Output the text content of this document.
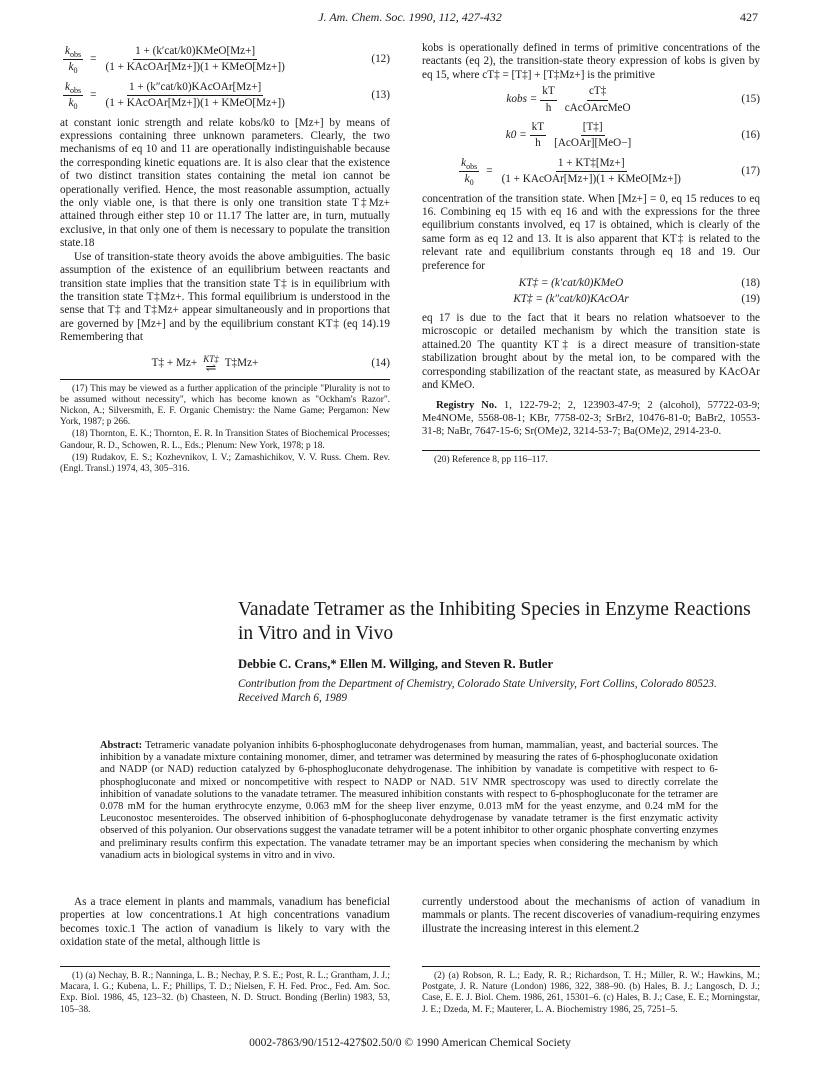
J. Am. Chem. Soc. 1990, 112, 427-432	427
$\frac{k_{obs}}{k_0} = \frac{\text{1 + (k′cat/k0)KMeO[Mz+]}}{\text{(1 + KAcOAr[Mz+])(1 + KMeO[Mz+])}}$	(12)
$\frac{k_{obs}}{k_0} = \frac{\text{1 + (k″cat/k0)KAcOAr[Mz+]}}{\text{(1 + KAcOAr[Mz+])(1 + KMeO[Mz+])}}$	(13)

at constant ionic strength and relate kobs/k0 to [Mz+] by means of expressions containing three unknown parameters. Clearly, the two mechanisms of eq 10 and 11 are operationally indistinguishable because the corresponding kinetic equations are. It is also clear that the existence of two distinct transition states containing the metal ion cannot be operationally verified. Hence, the most reasonable assumption, actually the only viable one, is that there is only one transition state T‡Mz+ attained through either step 10 or 11.17 The latter are, in turn, mutually exclusive, in that only one of them is necessary to populate the transition state.18

Use of transition-state theory avoids the above ambiguities. The basic assumption of the existence of an equilibrium between reactants and transition state implies that the transition state T‡ is in equilibrium with the transition state T‡Mz+. This formal equilibrium is understood in the sense that T‡ and T‡Mz+ appear simultaneously and in proportions that are governed by [Mz+] and by the equilibrium constant KT‡ (eq 14).19 Remembering that

T‡ + Mz+ KT‡
⇌ T‡Mz+	(14)

(17) This may be viewed as a further application of the principle "Plurality is not to be assumed without necessity", which has become known as "Ockham's Razor". Nickon, A.; Silversmith, E. F. Organic Chemistry: the Name Game; Pergamon: New York, 1987; p 266.

(18) Thornton, E. K.; Thornton, E. R. In Transition States of Biochemical Processes; Gandour, R. D., Schowen, R. L., Eds.; Plenum: New York, 1978; p 18.

(19) Rudakov, E. S.; Kozhevnikov, I. V.; Zamashichikov, V. V. Russ. Chem. Rev. (Engl. Transl.) 1974, 43, 305–316.

kobs is operationally defined in terms of primitive concentrations of the reactants (eq 2), the transition-state theory expression of kobs is given by eq 15, where cT‡ = [T‡] + [T‡Mz+] is the primitive

kobs = $\frac{kT}{h} \frac{cT\ddagger}{\text{cAcOArcMeO}}$	(15)
$k0 = \frac{kT}{h} \frac{[T\ddagger]}{\text{[AcOAr][MeO−]}}$	(16)
$\frac{k_{obs}}{k_0} = \frac{1 + KT\ddagger[Mz+]}{\text{(1 + KAcOAr[Mz+])(1 + KMeO[Mz+])}}$	(17)

concentration of the transition state. When [Mz+] = 0, eq 15 reduces to eq 16. Combining eq 15 with eq 16 and with the expressions for the three equilibrium constants involved, eq 17 is obtained, which is clearly of the same form as eq 12 and 13. It is also apparent that KT‡ is related to the relevant rate and equilibrium constants through eq 18 and 19. Our preference for

KT‡ = (k′cat/k0)KMeO	(18)
KT‡ = (k″cat/k0)KAcOAr	(19)

eq 17 is due to the fact that it bears no relation whatsoever to the microscopic or detailed mechanism by which the transition state is attained.20 The quantity KT‡ is a direct measure of transition-state stabilization brought about by the metal ion, to be compared with the corresponding stabilization of the reactant state, as measured by KAcOAr and KMeO.

Registry No. 1, 122-79-2; 2, 123903-47-9; 2 (alcohol), 57722-03-9; Me4NOMe, 5568-08-1; KBr, 7758-02-3; SrBr2, 10476-81-0; BaBr2, 10553-31-8; NaBr, 7647-15-6; Sr(OMe)2, 3214-53-7; Ba(OMe)2, 2914-23-0.

(20) Reference 8, pp 116–117.

Vanadate Tetramer as the Inhibiting Species in Enzyme Reactions in Vitro and in Vivo
Debbie C. Crans,* Ellen M. Willging, and Steven R. Butler
Contribution from the Department of Chemistry, Colorado State University, Fort Collins, Colorado 80523. Received March 6, 1989
Abstract: Tetrameric vanadate polyanion inhibits 6-phosphogluconate dehydrogenases from human, mammalian, yeast, and bacterial sources. The inhibition by a vanadate mixture containing monomer, dimer, and tetramer was determined by measuring the rates of 6-phosphogluconate oxidation and NADP (or NAD) reduction catalyzed by 6-phosphogluconate dehydrogenase. The inhibition by vanadate is competitive with respect to 6-phosphogluconate and mixed or noncompetitive with respect to NADP or NAD. 51V NMR spectroscopy was used to directly correlate the inhibition of vanadate solutions to the vanadate tetramer. The measured inhibition constants with respect to 6-phosphogluconate for the tetramer are 0.078 mM for the human erythrocyte enzyme, 0.063 mM for the sheep liver enzyme, 0.013 mM for the yeast enzyme, and 0.24 mM for the Leuconostoc mesenteroides. The observed inhibition of 6-phosphogluconate dehydrogenase by vanadate tetramer is the first enzymatic activity observed of this polyanion. Our observations suggest the vanadate tetramer will be a potent inhibitor to other organic phosphate converting enzymes and preliminary results confirm this expectation. The vanadate tetramer may be an important species when considering the mechanism by which vanadium acts in biological systems in vitro and in vivo.

As a trace element in plants and mammals, vanadium has beneficial properties at low concentrations.1 At high concentrations vanadium becomes toxic.1 The action of vanadium is likely to vary with the oxidation state of the metal, although little is

currently understood about the mechanisms of action of vanadium in mammals or plants. The recent discoveries of vanadium-requiring enzymes illustrate the increasing interest in this element.2

(1) (a) Nechay, B. R.; Nanninga, L. B.; Nechay, P. S. E.; Post, R. L.; Grantham, J. J.; Macara, I. G.; Kubena, L. F.; Phillips, T. D.; Nielsen, F. H. Fed. Proc., Fed. Am. Soc. Exp. Biol. 1986, 45, 123–32. (b) Chasteen, N. D. Struct. Bonding (Berlin) 1983, 53, 105–38.

(2) (a) Robson, R. L.; Eady, R. R.; Richardson, T. H.; Miller, R. W.; Hawkins, M.; Postgate, J. R. Nature (London) 1986, 322, 388–90. (b) Hales, B. J.; Langosch, D. J.; Case, E. E. J. Biol. Chem. 1986, 261, 15301–6. (c) Hales, B. J.; Case, E. E.; Morningstar, J. E.; Dzeda, M. F.; Mauterer, L. A. Biochemistry 1986, 25, 7251–5.

0002-7863/90/1512-427$02.50/0 © 1990 American Chemical Society
